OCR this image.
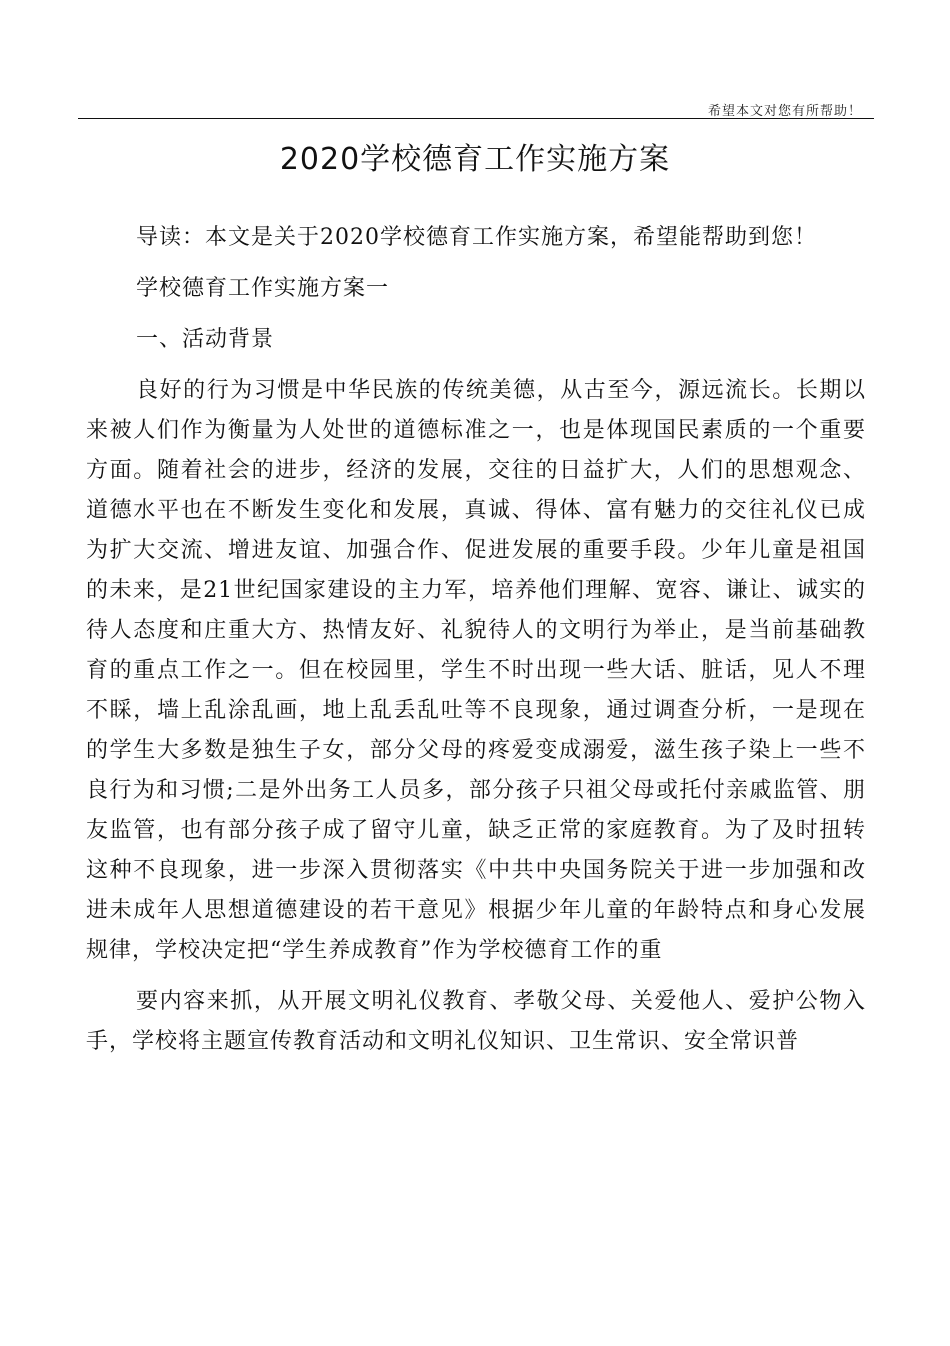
希望本文对您有所帮助！
2020学校德育工作实施方案

导读：本文是关于2020学校德育工作实施方案，希望能帮助到您！

学校德育工作实施方案一

一、活动背景

良好的行为习惯是中华民族的传统美德，从古至今，源远流长。长期以来被人们作为衡量为人处世的道德标准之一，也是体现国民素质的一个重要方面。随着社会的进步，经济的发展，交往的日益扩大，人们的思想观念、道德水平也在不断发生变化和发展，真诚、得体、富有魅力的交往礼仪已成为扩大交流、增进友谊、加强合作、促进发展的重要手段。少年儿童是祖国的未来，是21世纪国家建设的主力军，培养他们理解、宽容、谦让、诚实的待人态度和庄重大方、热情友好、礼貌待人的文明行为举止，是当前基础教育的重点工作之一。但在校园里，学生不时出现一些大话、脏话，见人不理不睬，墙上乱涂乱画，地上乱丢乱吐等不良现象，通过调查分析，一是现在的学生大多数是独生子女，部分父母的疼爱变成溺爱，滋生孩子染上一些不良行为和习惯;二是外出务工人员多，部分孩子只祖父母或托付亲戚监管、朋友监管，也有部分孩子成了留守儿童，缺乏正常的家庭教育。为了及时扭转这种不良现象，进一步深入贯彻落实《中共中央国务院关于进一步加强和改进未成年人思想道德建设的若干意见》根据少年儿童的年龄特点和身心发展规律，学校决定把“学生养成教育”作为学校德育工作的重

要内容来抓，从开展文明礼仪教育、孝敬父母、关爱他人、爱护公物入手，学校将主题宣传教育活动和文明礼仪知识、卫生常识、安全常识普
